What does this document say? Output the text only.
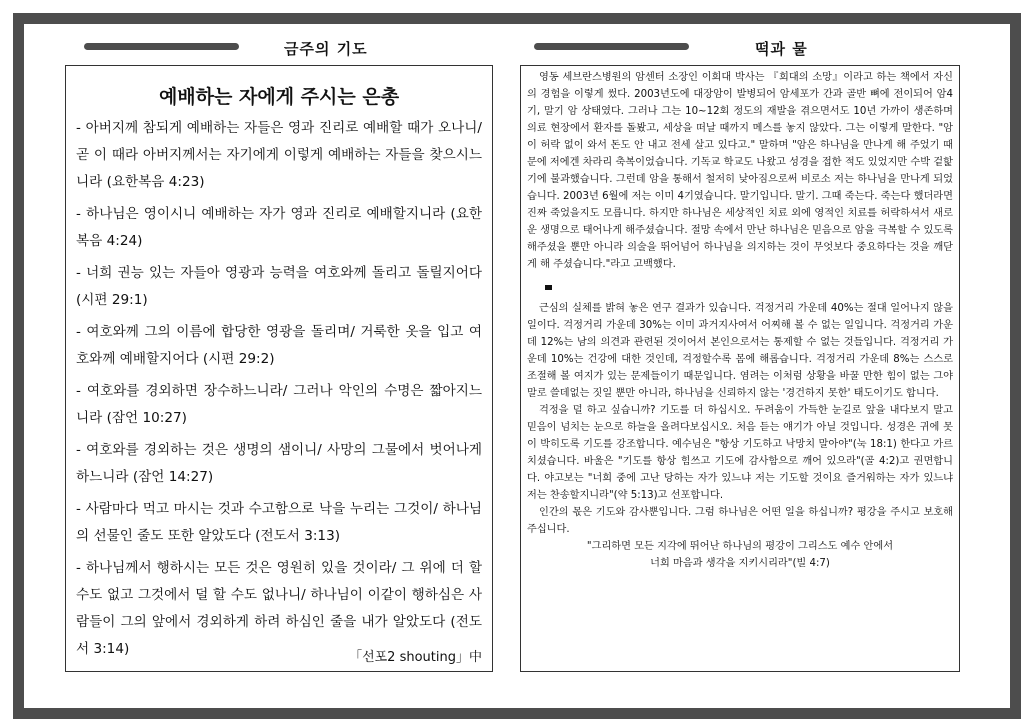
금주의 기도	떡과 물
예배하는 자에게 주시는 은총
- 아버지께 참되게 예배하는 자들은 영과 진리로 예배할 때가 오나니/ 곧 이 때라 아버지께서는 자기에게 이렇게 예배하는 자들을 찾으시느니라 (요한복음 4:23)
- 하나님은 영이시니 예배하는 자가 영과 진리로 예배할지니라 (요한복음 4:24)
- 너희 권능 있는 자들아 영광과 능력을 여호와께 돌리고 돌릴지어다 (시편 29:1)
- 여호와께 그의 이름에 합당한 영광을 돌리며/ 거룩한 옷을 입고 여호와께 예배할지어다 (시편 29:2)
- 여호와를 경외하면 장수하느니라/ 그러나 악인의 수명은 짧아지느니라 (잠언 10:27)
- 여호와를 경외하는 것은 생명의 샘이니/ 사망의 그물에서 벗어나게 하느니라 (잠언 14:27)
- 사람마다 먹고 마시는 것과 수고함으로 낙을 누리는 그것이/ 하나님의 선물인 줄도 또한 알았도다 (전도서 3:13)
- 하나님께서 행하시는 모든 것은 영원히 있을 것이라/ 그 위에 더 할 수도 없고 그것에서 덜 할 수도 없나니/ 하나님이 이같이 행하심은 사람들이 그의 앞에서 경외하게 하려 하심인 줄을 내가 알았도다 (전도서 3:14)
「선포2 shouting」中

영동 세브란스병원의 암센터 소장인 이희대 박사는 『희대의 소망』이라고 하는 책에서 자신의 경험을 이렇게 썼다. 2003년도에 대장암이 발병되어 암세포가 간과 골반 뼈에 전이되어 암4기, 말기 암 상태였다. 그러나 그는 10~12회 정도의 재발을 겪으면서도 10년 가까이 생존하며 의료 현장에서 환자를 돌봤고, 세상을 떠날 때까지 메스를 놓지 않았다. 그는 이렇게 말한다. "암이 허락 없이 와서 돈도 안 내고 전세 살고 있다고." 말하며 "암은 하나님을 만나게 해 주었기 때문에 저에겐 차라리 축복이었습니다. 기독교 학교도 나왔고 성경을 접한 적도 있었지만 수박 겉핥기에 불과했습니다. 그런데 암을 통해서 철저히 낮아짐으로써 비로소 저는 하나님을 만나게 되었습니다. 2003년 6월에 저는 이미 4기였습니다. 말기입니다. 말기. 그때 죽는다. 죽는다 했더라면 진짜 죽었을지도 모릅니다. 하지만 하나님은 세상적인 치료 외에 영적인 치료를 허락하셔서 새로운 생명으로 태어나게 해주셨습니다. 절망 속에서 만난 하나님은 믿음으로 암을 극복할 수 있도록 해주셨을 뿐만 아니라 의술을 뛰어넘어 하나님을 의지하는 것이 무엇보다 중요하다는 것을 깨닫게 해 주셨습니다."라고 고백했다.

근심의 실체를 밝혀 놓은 연구 결과가 있습니다. 걱정거리 가운데 40%는 절대 일어나지 않을 일이다. 걱정거리 가운데 30%는 이미 과거지사여서 어찌해 볼 수 없는 일입니다. 걱정거리 가운데 12%는 남의 의견과 관련된 것이어서 본인으로서는 통제할 수 없는 것들입니다. 걱정거리 가운데 10%는 건강에 대한 것인데, 걱정할수록 몸에 해롭습니다. 걱정거리 가운데 8%는 스스로 조절해 볼 여지가 있는 문제들이기 때문입니다. 염려는 이처럼 상황을 바꿀 만한 힘이 없는 그야말로 쓸데없는 짓일 뿐만 아니라, 하나님을 신뢰하지 않는 '경건하지 못한' 태도이기도 합니다.

걱정을 덜 하고 싶습니까? 기도를 더 하십시오. 두려움이 가득한 눈길로 앞을 내다보지 말고 믿음이 넘치는 눈으로 하늘을 올려다보십시오. 처음 듣는 얘기가 아닐 것입니다. 성경은 귀에 못이 박히도록 기도를 강조합니다. 예수님은 "항상 기도하고 낙망치 말아야"(눅 18:1) 한다고 가르치셨습니다. 바울은 "기도를 항상 힘쓰고 기도에 감사함으로 깨어 있으라"(골 4:2)고 권면합니다. 야고보는 "너희 중에 고난 당하는 자가 있느냐 저는 기도할 것이요 즐거워하는 자가 있느냐 저는 찬송할지니라"(약 5:13)고 선포합니다.

인간의 몫은 기도와 감사뿐입니다. 그럼 하나님은 어떤 일을 하십니까? 평강을 주시고 보호해 주십니다.

"그리하면 모든 지각에 뛰어난 하나님의 평강이 그리스도 예수 안에서

너희 마음과 생각을 지키시리라"(빌 4:7)
